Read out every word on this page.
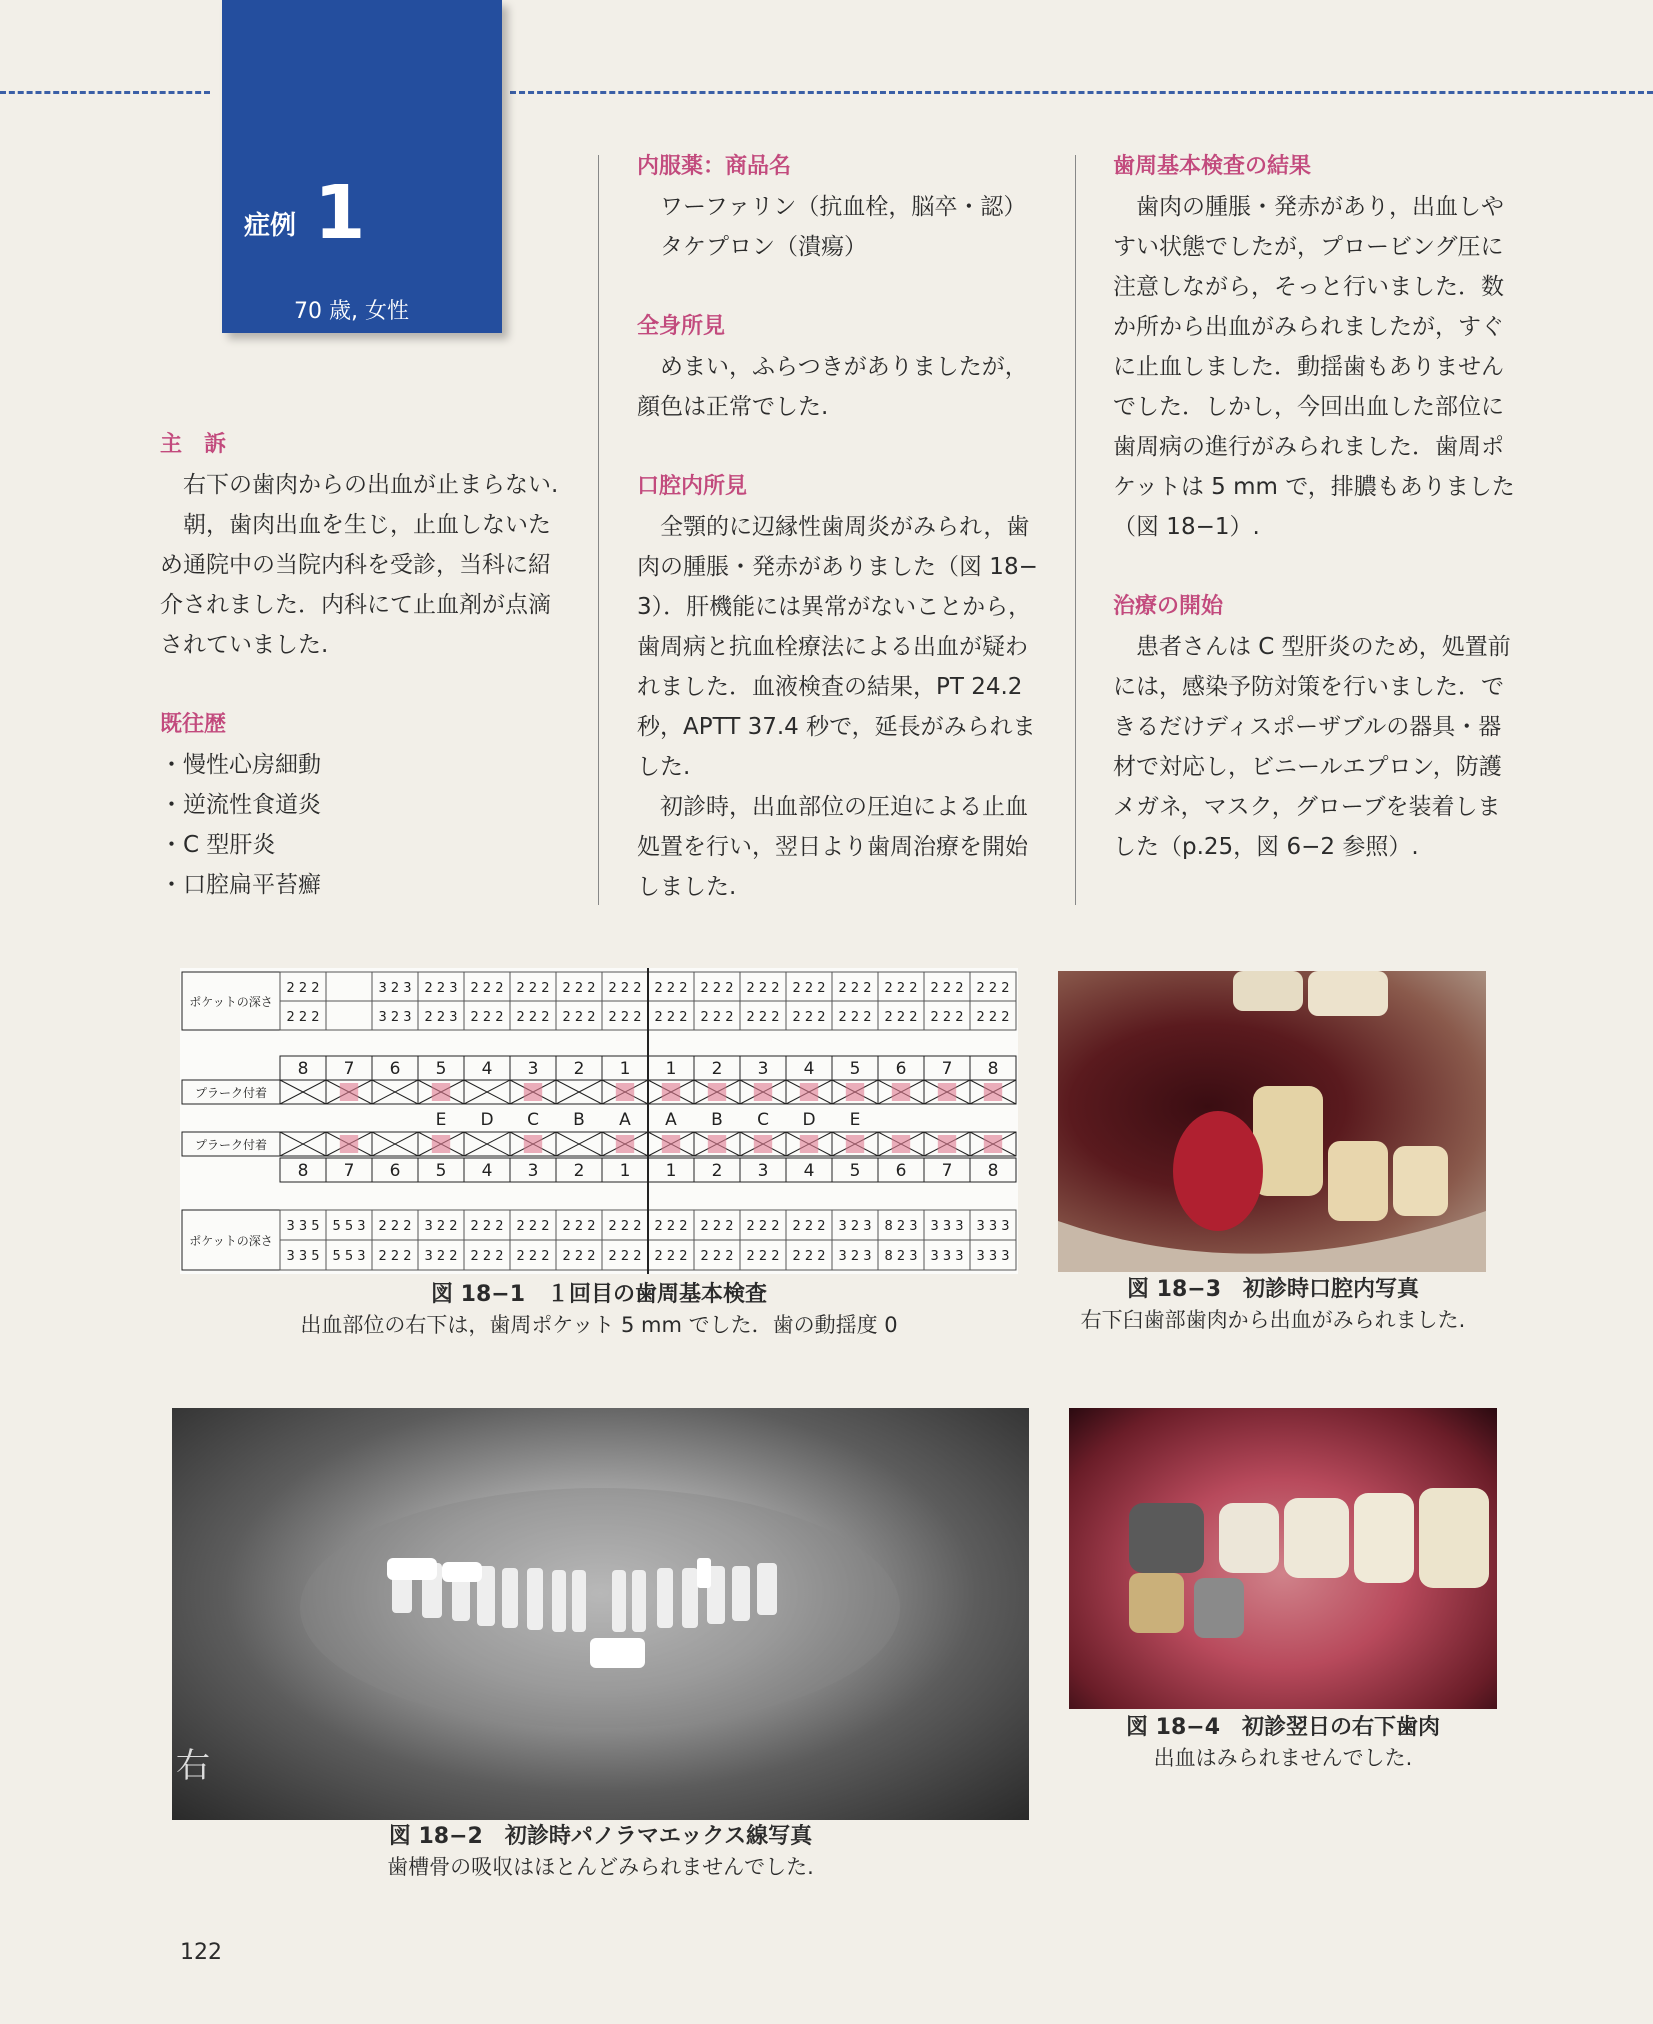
症例 1
70 歳, 女性
主　訴

右下の歯肉からの出血が止まらない.

朝，歯肉出血を生じ，止血しないた

め通院中の当院内科を受診，当科に紹
介されました．内科にて止血剤が点滴
されていました.
既往歴
・慢性心房細動
・逆流性食道炎
・C 型肝炎
・口腔扁平苔癬
内服薬：商品名
ワーファリン（抗血栓，脳卒・認）
タケプロン（潰瘍）
全身所見

めまい，ふらつきがありましたが，

顔色は正常でした.
口腔内所見

全顎的に辺縁性歯周炎がみられ，歯

肉の腫脹・発赤がありました（図 18−
3）．肝機能には異常がないことから，
歯周病と抗血栓療法による出血が疑わ
れました．血液検査の結果，PT 24.2
秒，APTT 37.4 秒で，延長がみられま
した.

初診時，出血部位の圧迫による止血

処置を行い，翌日より歯周治療を開始
しました.
歯周基本検査の結果

歯肉の腫脹・発赤があり，出血しや

すい状態でしたが，プロービング圧に
注意しながら，そっと行いました．数
か所から出血がみられましたが，すぐ
に止血しました．動揺歯もありません
でした．しかし，今回出血した部位に
歯周病の進行がみられました．歯周ポ
ケットは 5 mm で，排膿もありました
（図 18−1）.
治療の開始

患者さんは C 型肝炎のため，処置前

には，感染予防対策を行いました．で
きるだけディスポーザブルの器具・器
材で対応し，ビニールエプロン，防護
メガネ，マスク，グローブを装着しま
した（p.25，図 6−2 参照）.
ポケットの深さ
プラーク付着
プラーク付着
ポケットの深さ
2 2 2
2 2 2
3 2 3
3 2 3
2 2 3
2 2 3
2 2 2
2 2 2
2 2 2
2 2 2
2 2 2
2 2 2
2 2 2
2 2 2
2 2 2
2 2 2
2 2 2
2 2 2
2 2 2
2 2 2
2 2 2
2 2 2
2 2 2
2 2 2
2 2 2
2 2 2
2 2 2
2 2 2
2 2 2
2 2 2
8 7 6 5 4 3 2 1 1 2 3 4 5 6 7 8
8 7 6 5 4 3 2 1 1 2 3 4 5 6 7 8
E D C B A A B C D E
3 3 5
3 3 5
5 5 3
5 5 3
2 2 2
2 2 2
3 2 2
3 2 2
2 2 2
2 2 2
2 2 2
2 2 2
2 2 2
2 2 2
2 2 2
2 2 2
2 2 2
2 2 2
2 2 2
2 2 2
2 2 2
2 2 2
2 2 2
2 2 2
3 2 3
3 2 3
8 2 3
8 2 3
3 3 3
3 3 3
3 3 3
3 3 3
図 18−1　１回目の歯周基本検査
出血部位の右下は，歯周ポケット 5 mm でした．歯の動揺度 0
図 18−3　初診時口腔内写真
右下臼歯部歯肉から出血がみられました.
右
図 18−2　初診時パノラマエックス線写真
歯槽骨の吸収はほとんどみられませんでした.
図 18−4　初診翌日の右下歯肉
出血はみられませんでした.
122
